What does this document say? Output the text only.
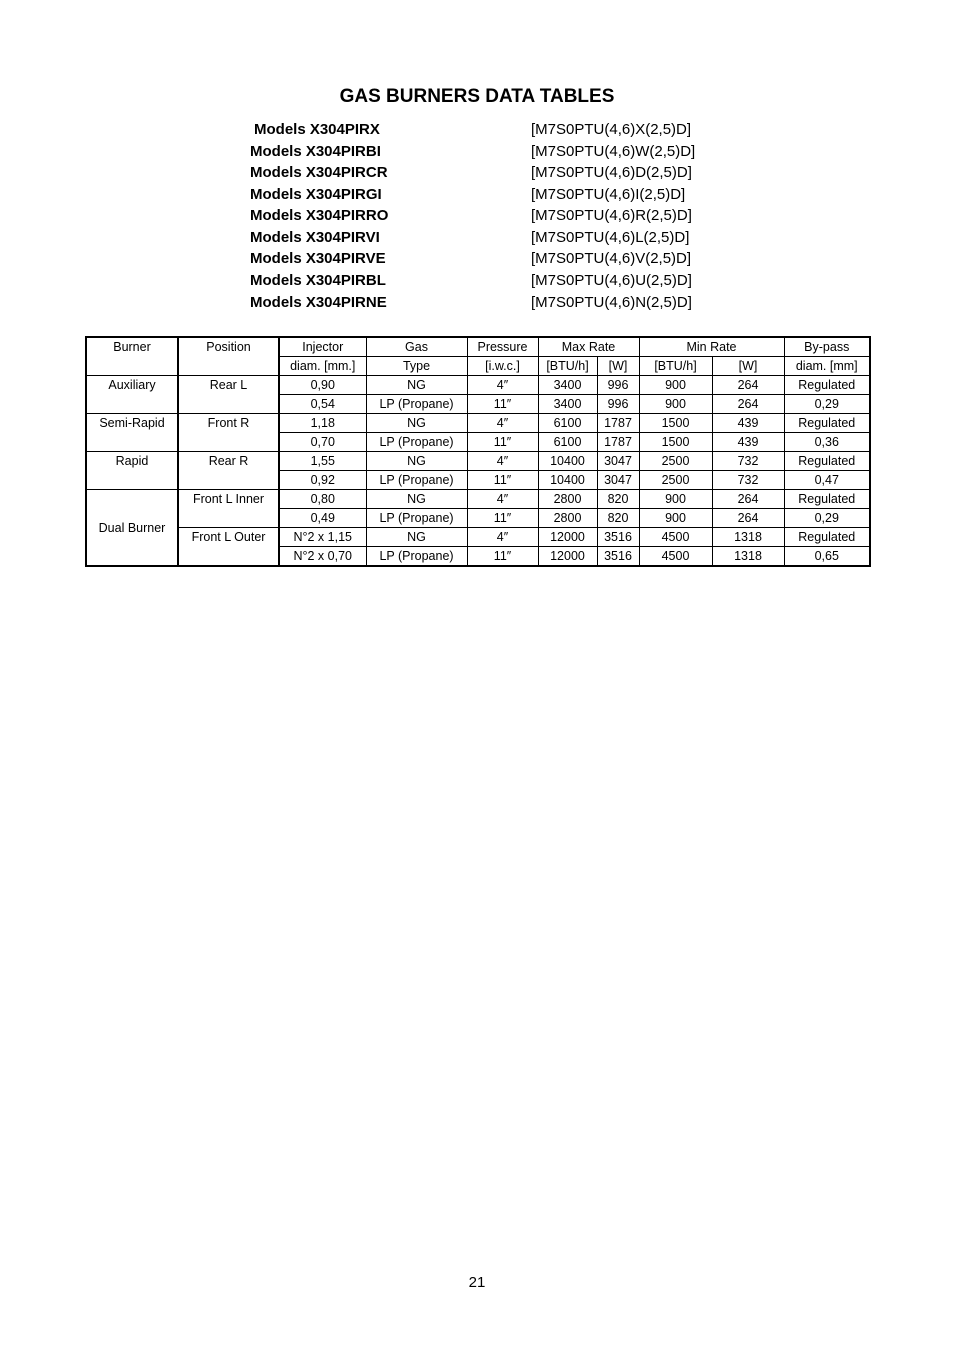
GAS BURNERS DATA TABLES
Models X304PIRX	[M7S0PTU(4,6)X(2,5)D]
Models X304PIRBI	[M7S0PTU(4,6)W(2,5)D]
Models X304PIRCR	[M7S0PTU(4,6)D(2,5)D]
Models X304PIRGI	[M7S0PTU(4,6)I(2,5)D]
Models X304PIRRO	[M7S0PTU(4,6)R(2,5)D]
Models X304PIRVI	[M7S0PTU(4,6)L(2,5)D]
Models X304PIRVE	[M7S0PTU(4,6)V(2,5)D]
Models X304PIRBL	[M7S0PTU(4,6)U(2,5)D]
Models X304PIRNE	[M7S0PTU(4,6)N(2,5)D]
Burner	Position	Injector	Gas	Pressure	Max Rate		Min Rate		By-pass
		diam. [mm.]	Type	[i.w.c.]	[BTU/h]	[W]	[BTU/h]	[W]	diam. [mm]
Auxiliary	Rear L	0,90	NG	4″	3400	996	900	264	Regulated
		0,54	LP (Propane)	11″	3400	996	900	264	0,29
Semi-Rapid	Front R	1,18	NG	4″	6100	1787	1500	439	Regulated
		0,70	LP (Propane)	11″	6100	1787	1500	439	0,36
Rapid	Rear R	1,55	NG	4″	10400	3047	2500	732	Regulated
		0,92	LP (Propane)	11″	10400	3047	2500	732	0,47
Dual Burner	Front L Inner	0,80	NG	4″	2800	820	900	264	Regulated
		0,49	LP (Propane)	11″	2800	820	900	264	0,29
	Front L Outer	N°2 x 1,15	NG	4″	12000	3516	4500	1318	Regulated
		N°2 x 0,70	LP (Propane)	11″	12000	3516	4500	1318	0,65
21
